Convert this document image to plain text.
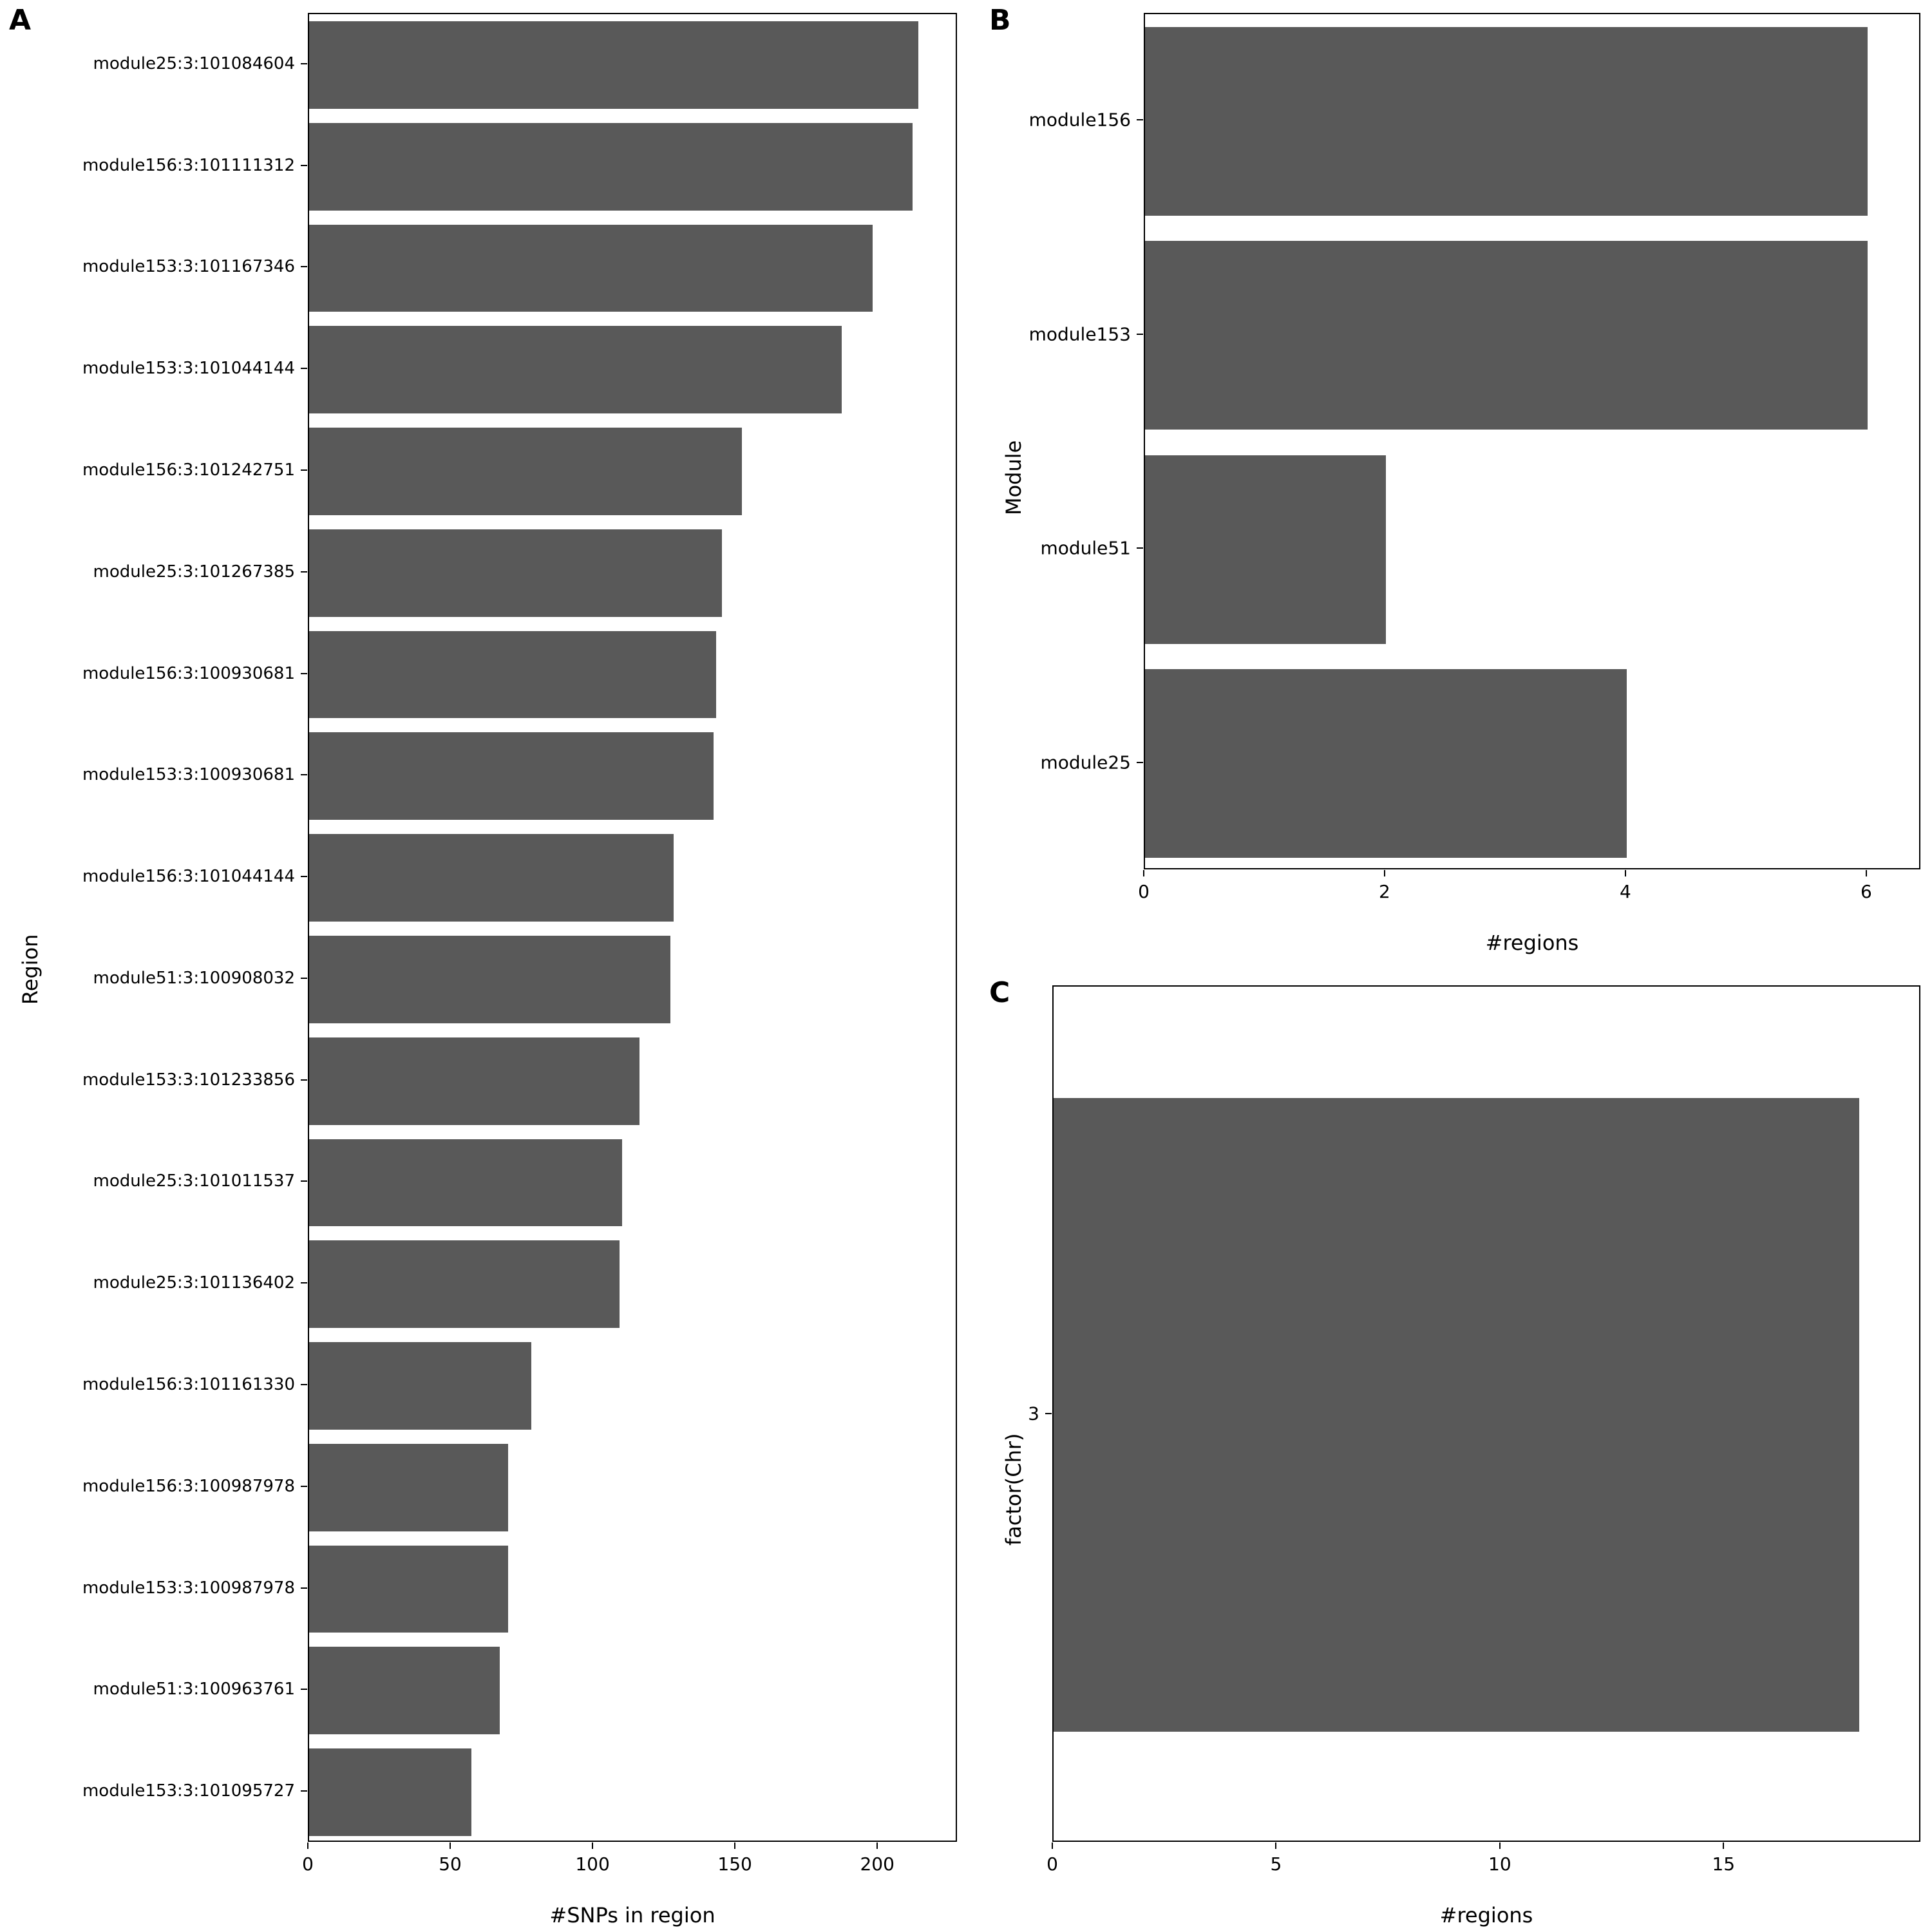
A
Region
module25:3:101084604
module156:3:101111312
module153:3:101167346
module153:3:101044144
module156:3:101242751
module25:3:101267385
module156:3:100930681
module153:3:100930681
module156:3:101044144
module51:3:100908032
module153:3:101233856
module25:3:101011537
module25:3:101136402
module156:3:101161330
module156:3:100987978
module153:3:100987978
module51:3:100963761
module153:3:101095727
0	50	100	150	200
#SNPs in region
B
Module
module156
module153
module51
module25
0	2	4	6
#regions
C
factor(Chr)
3
0	5	10	15
#regions
